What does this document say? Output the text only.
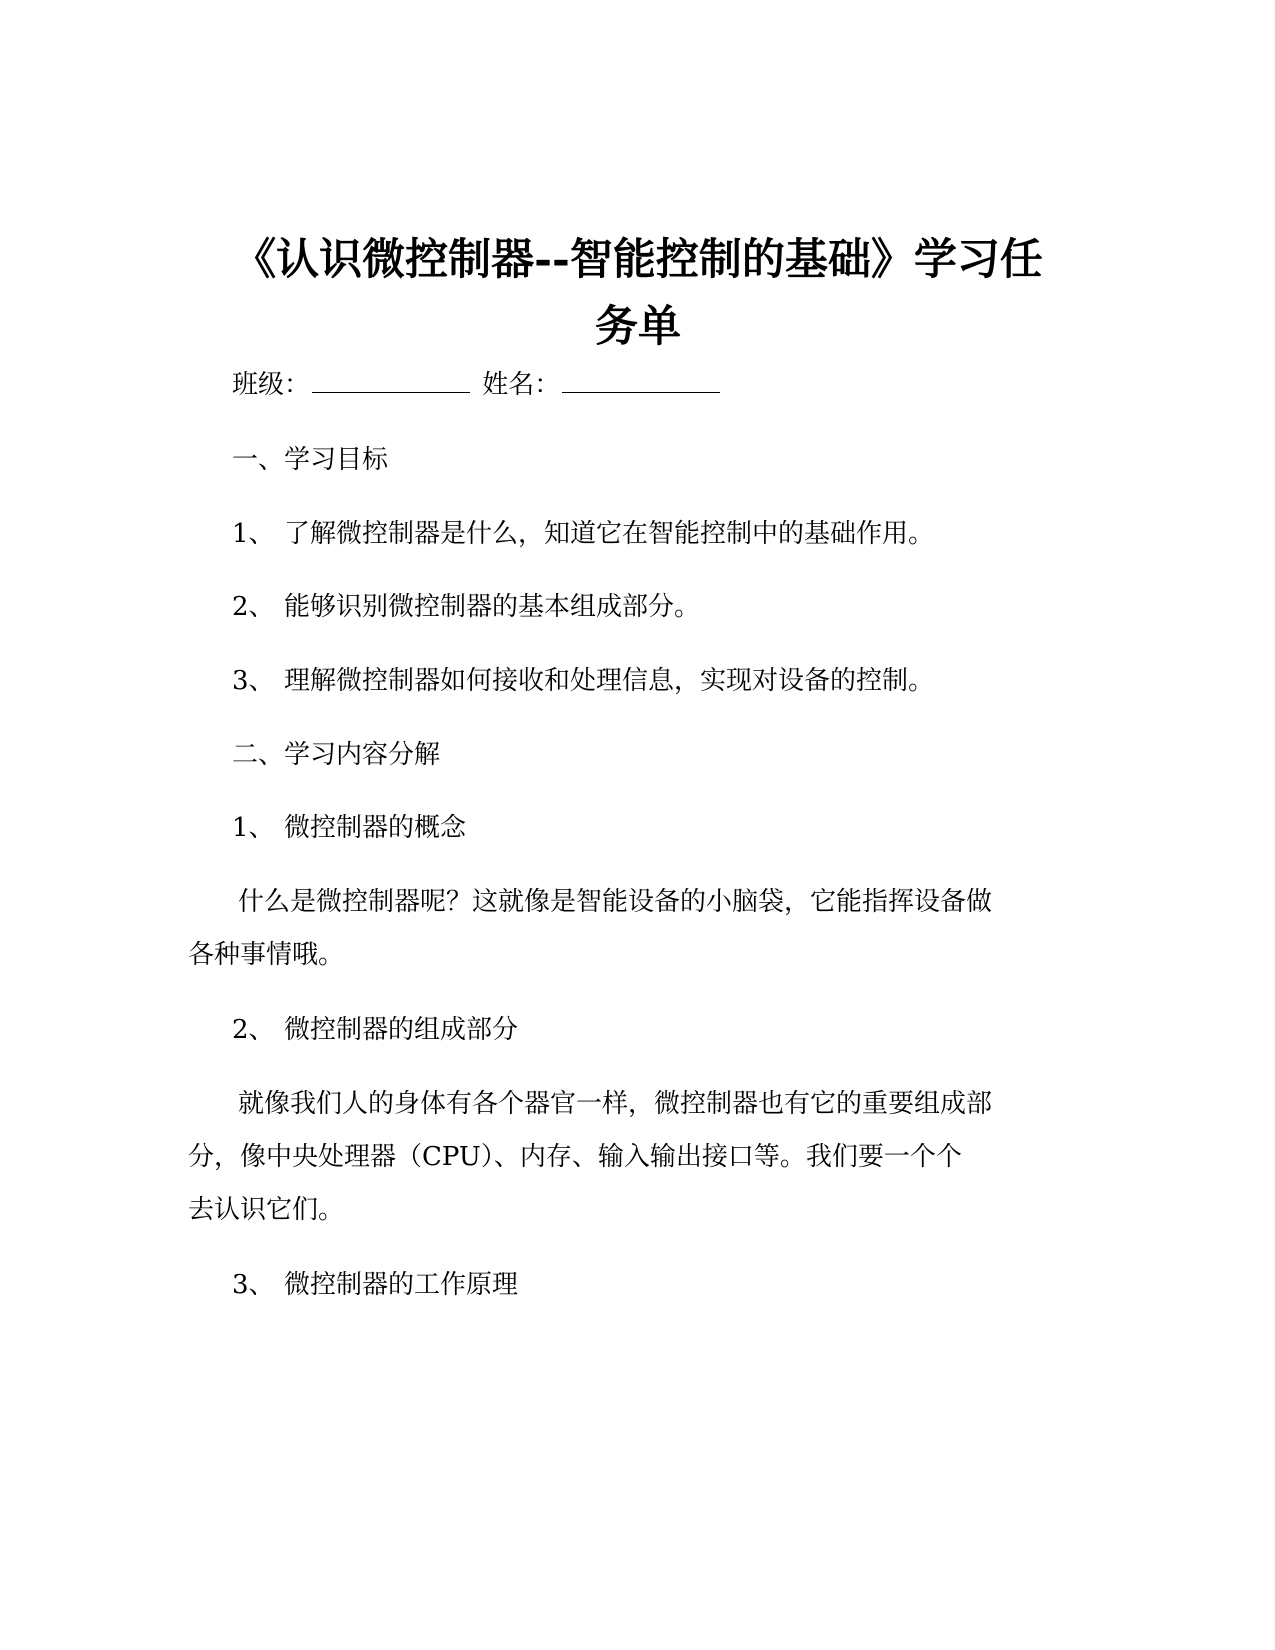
《认识微控制器--智能控制的基础》学习任
务单
班级：	姓名：
一、学习目标
1、 了解微控制器是什么，知道它在智能控制中的基础作用。
2、 能够识别微控制器的基本组成部分。
3、 理解微控制器如何接收和处理信息，实现对设备的控制。
二、学习内容分解
1、 微控制器的概念
什么是微控制器呢？这就像是智能设备的小脑袋，它能指挥设备做
各种事情哦。
2、 微控制器的组成部分
就像我们人的身体有各个器官一样，微控制器也有它的重要组成部
分，像中央处理器（CPU）、内存、输入输出接口等。我们要一个个
去认识它们。
3、 微控制器的工作原理
